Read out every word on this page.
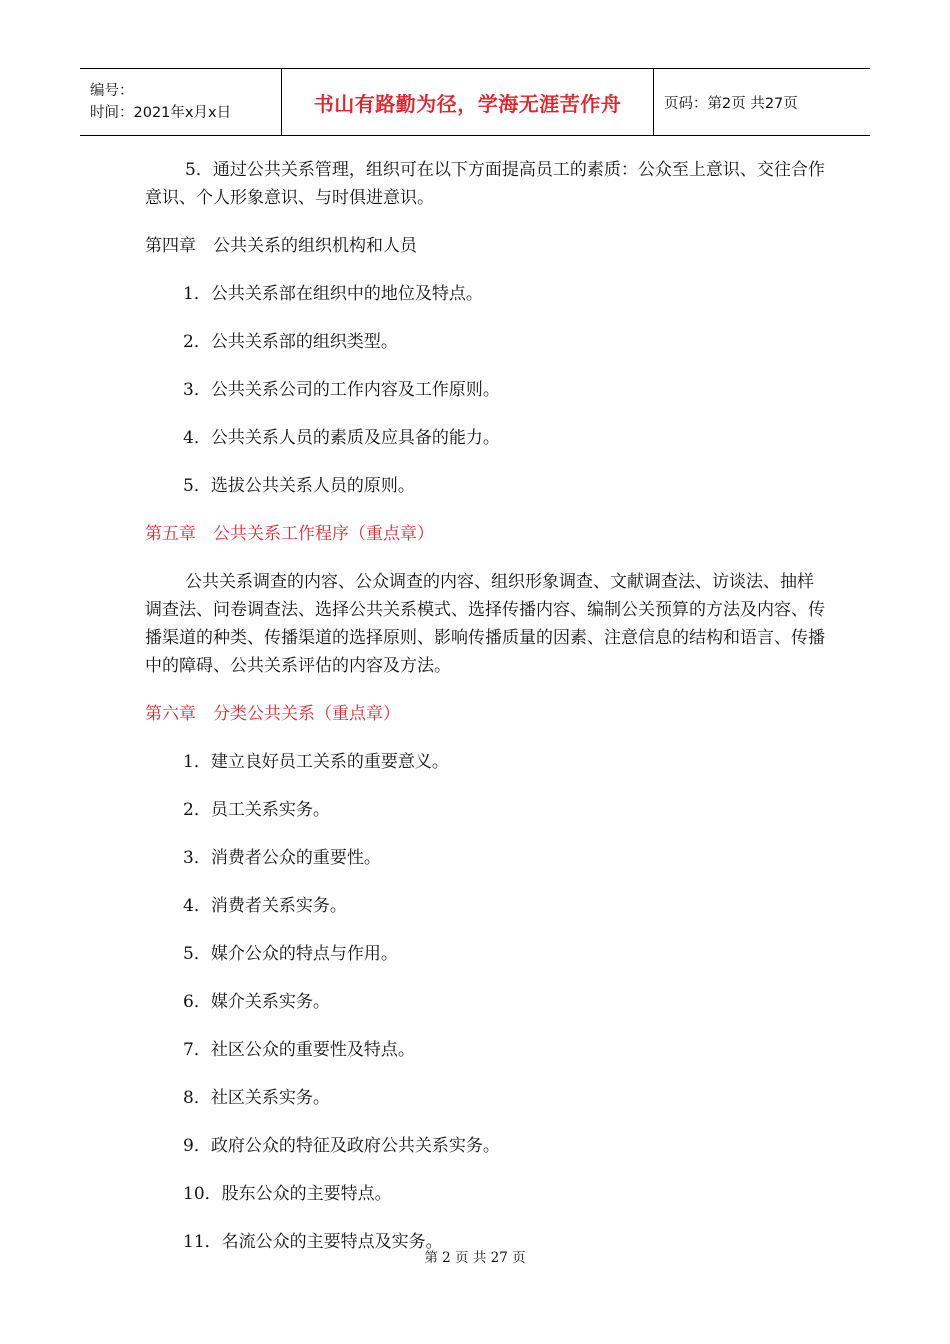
编号：
时间：2021年x月x日	书山有路勤为径，学海无涯苦作舟	页码：第2页 共27页

5．通过公共关系管理，组织可在以下方面提高员工的素质：公众至上意识、交往合作意识、个人形象意识、与时俱进意识。

第四章　公共关系的组织机构和人员

1．公共关系部在组织中的地位及特点。

2．公共关系部的组织类型。

3．公共关系公司的工作内容及工作原则。

4．公共关系人员的素质及应具备的能力。

5．选拔公共关系人员的原则。

第五章　公共关系工作程序（重点章）

公共关系调查的内容、公众调查的内容、组织形象调查、文献调查法、访谈法、抽样调查法、问卷调查法、选择公共关系模式、选择传播内容、编制公关预算的方法及内容、传播渠道的种类、传播渠道的选择原则、影响传播质量的因素、注意信息的结构和语言、传播中的障碍、公共关系评估的内容及方法。

第六章　分类公共关系（重点章）

1．建立良好员工关系的重要意义。

2．员工关系实务。

3．消费者公众的重要性。

4．消费者关系实务。

5．媒介公众的特点与作用。

6．媒介关系实务。

7．社区公众的重要性及特点。

8．社区关系实务。

9．政府公众的特征及政府公共关系实务。

10．股东公众的主要特点。

11．名流公众的主要特点及实务。

第 2 页 共 27 页
